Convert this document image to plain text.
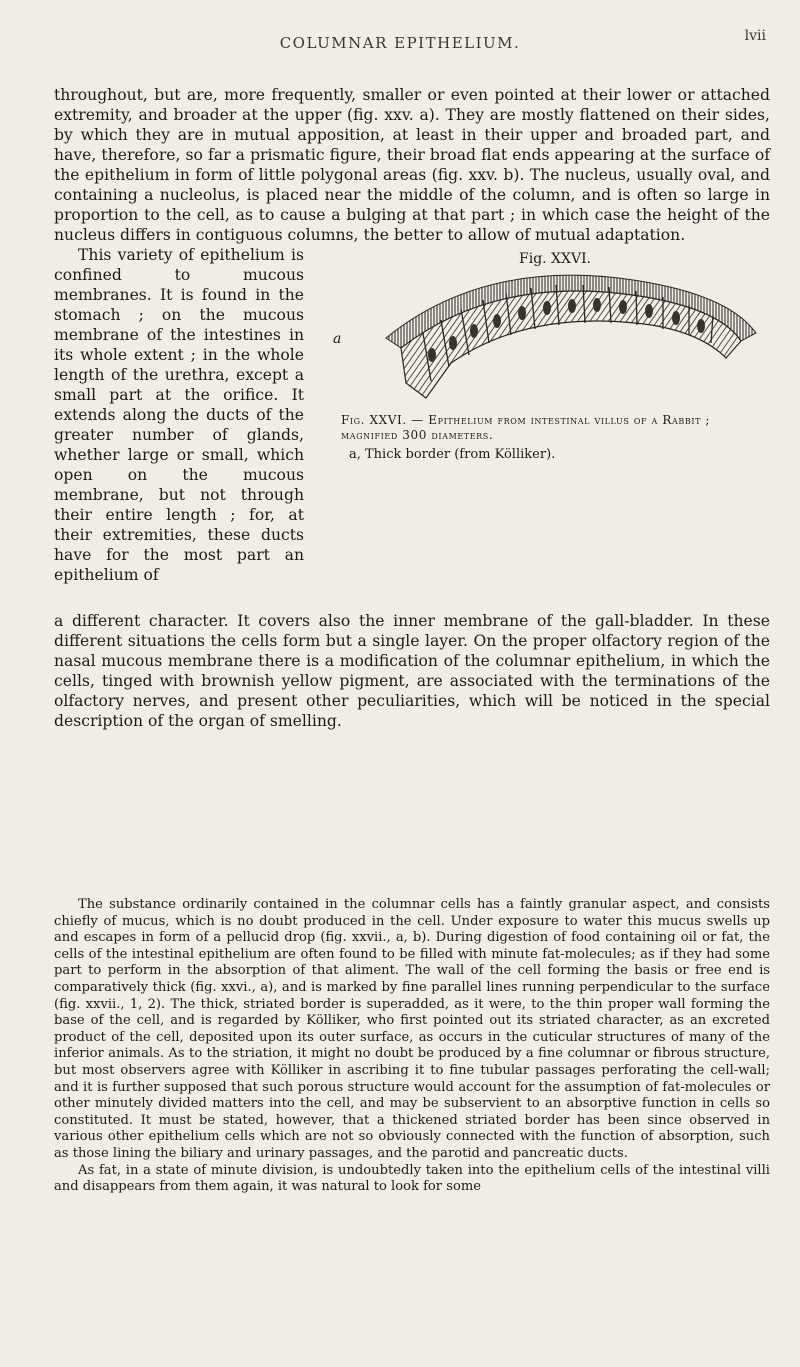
COLUMNAR EPITHELIUM.	lvii

throughout, but are, more frequently, smaller or even pointed at their lower or attached extremity, and broader at the upper (fig. xxv. a). They are mostly flattened on their sides, by which they are in mutual apposition, at least in their upper and broaded part, and have, therefore, so far a prismatic figure, their broad flat ends appearing at the surface of the epithelium in form of little polygonal areas (fig. xxv. b). The nucleus, usually oval, and containing a nucleolus, is placed near the middle of the column, and is often so large in proportion to the cell, as to cause a bulging at that part ; in which case the height of the nucleus differs in contiguous columns, the better to allow of mutual adaptation.

This variety of epithelium is confined to mucous membranes. It is found in the stomach ; on the mucous membrane of the intestines in its whole extent ; in the whole length of the urethra, except a small part at the orifice. It extends along the ducts of the greater number of glands, whether large or small, which open on the mucous membrane, but not through their entire length ; for, at their extremities, these ducts have for the most part an epithelium of

Fig. XXVI.
a
Fig. XXVI. — Epithelium from intestinal villus of a Rabbit ; magnified 300 diameters.
a, Thick border (from Kölliker).

a different character. It covers also the inner membrane of the gall-bladder. In these different situations the cells form but a single layer. On the proper olfactory region of the nasal mucous membrane there is a modification of the columnar epithelium, in which the cells, tinged with brownish yellow pigment, are associated with the terminations of the olfactory nerves, and present other peculiarities, which will be noticed in the special description of the organ of smelling.

The substance ordinarily contained in the columnar cells has a faintly granular aspect, and consists chiefly of mucus, which is no doubt produced in the cell. Under exposure to water this mucus swells up and escapes in form of a pellucid drop (fig. xxvii., a, b). During digestion of food containing oil or fat, the cells of the intestinal epithelium are often found to be filled with minute fat-molecules; as if they had some part to perform in the absorption of that aliment. The wall of the cell forming the basis or free end is comparatively thick (fig. xxvi., a), and is marked by fine parallel lines running perpendicular to the surface (fig. xxvii., 1, 2). The thick, striated border is superadded, as it were, to the thin proper wall forming the base of the cell, and is regarded by Kölliker, who first pointed out its striated character, as an excreted product of the cell, deposited upon its outer surface, as occurs in the cuticular structures of many of the inferior animals. As to the striation, it might no doubt be produced by a fine columnar or fibrous structure, but most observers agree with Kölliker in ascribing it to fine tubular passages perforating the cell-wall; and it is further supposed that such porous structure would account for the assumption of fat-molecules or other minutely divided matters into the cell, and may be subservient to an absorptive function in cells so constituted. It must be stated, however, that a thickened striated border has been since observed in various other epithelium cells which are not so obviously connected with the function of absorption, such as those lining the biliary and urinary passages, and the parotid and pancreatic ducts.

As fat, in a state of minute division, is undoubtedly taken into the epithelium cells of the intestinal villi and disappears from them again, it was natural to look for some
